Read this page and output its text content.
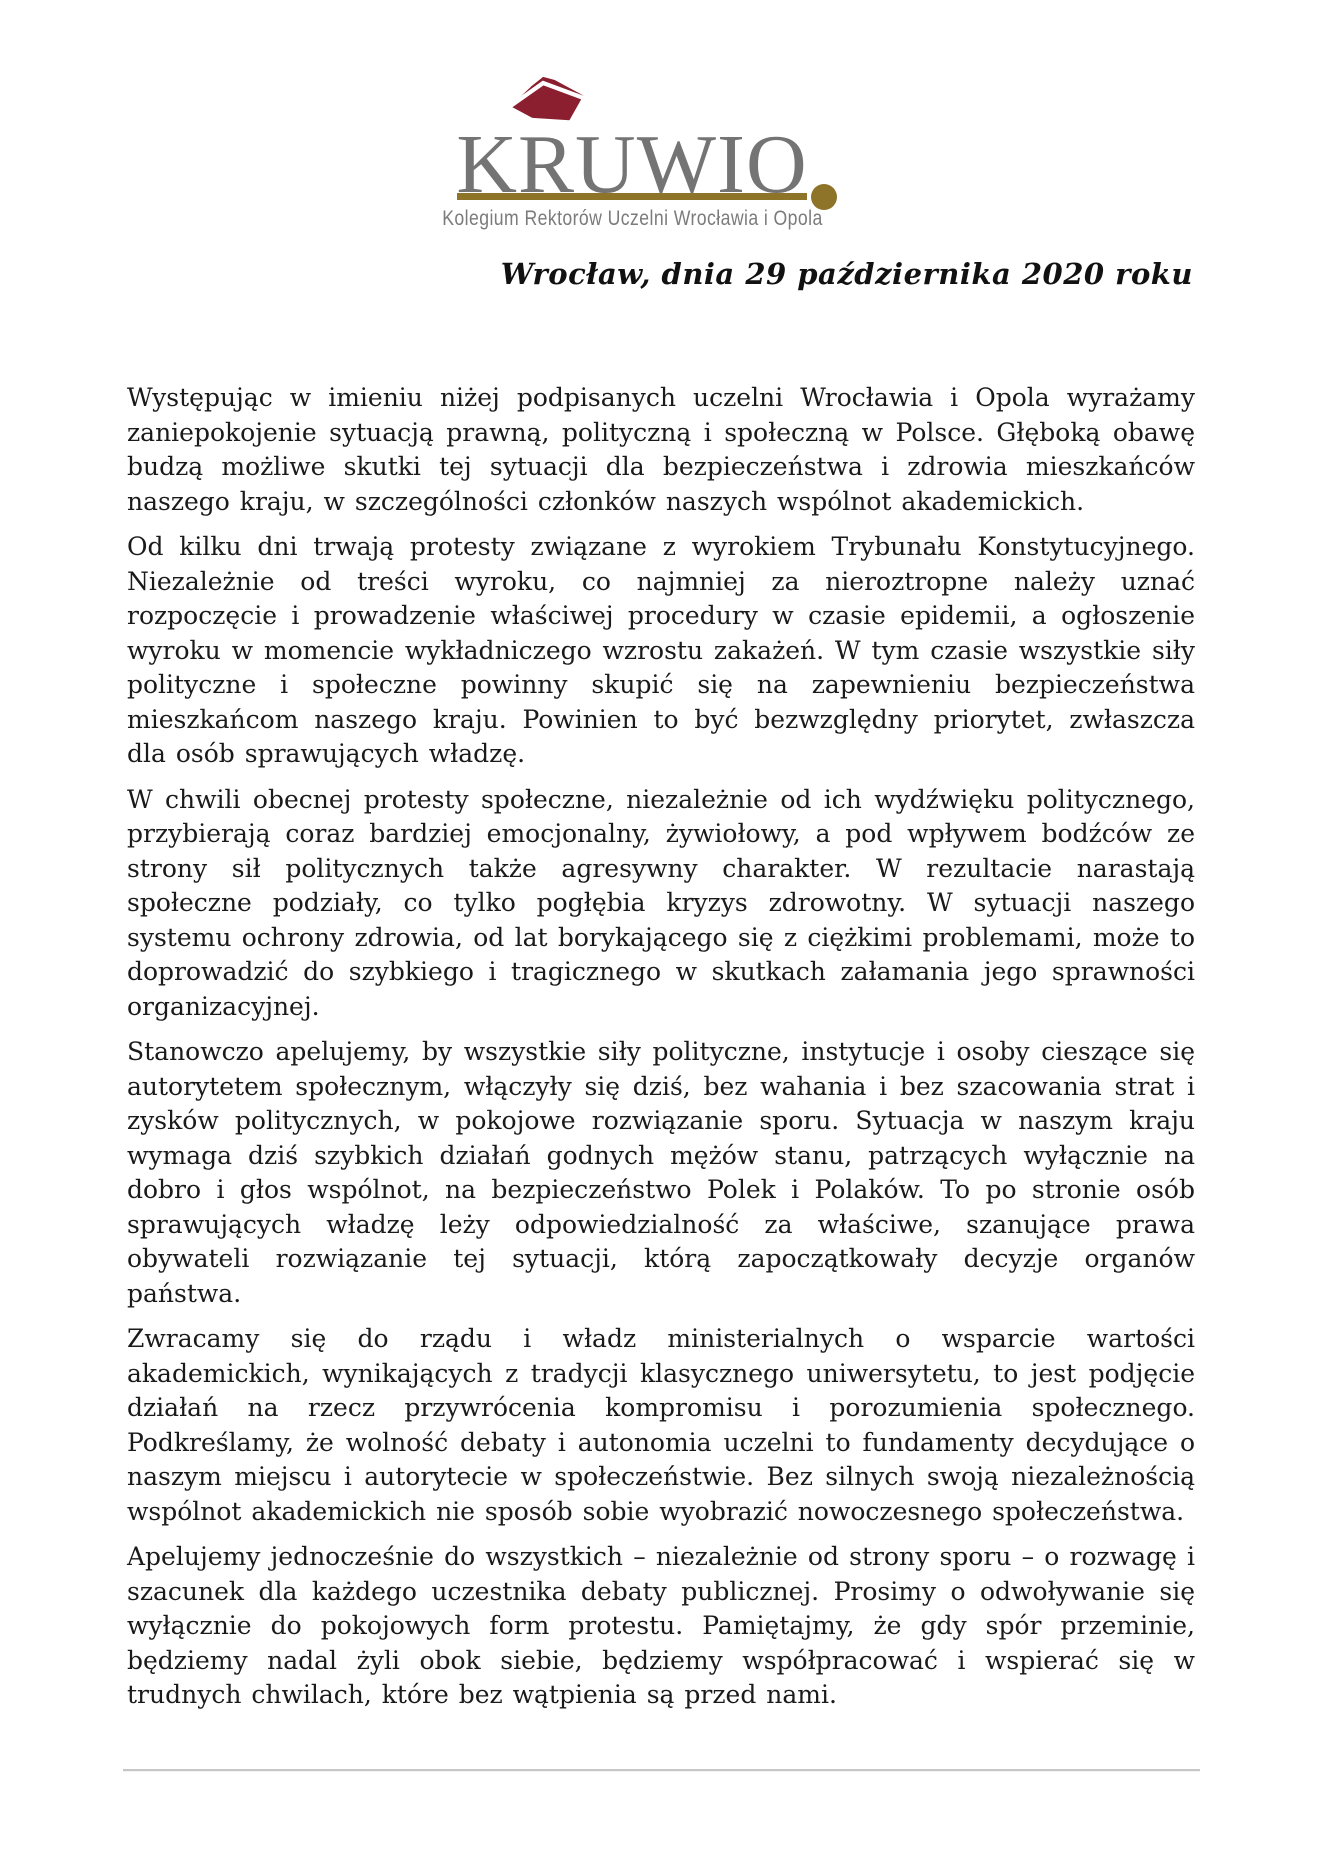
KRUWIO
Kolegium Rektorów Uczelni Wrocławia i Opola

Wrocław, dnia 29 października 2020 roku

Występując w imieniu niżej podpisanych uczelni Wrocławia i Opola wyrażamy zaniepokojenie sytuacją prawną, polityczną i społeczną w Polsce. Głęboką obawę budzą możliwe skutki tej sytuacji dla bezpieczeństwa i zdrowia mieszkańców naszego kraju, w szczególności członków naszych wspólnot akademickich.

Od kilku dni trwają protesty związane z wyrokiem Trybunału Konstytucyjnego. Niezależnie od treści wyroku, co najmniej za nieroztropne należy uznać rozpoczęcie i prowadzenie właściwej procedury w czasie epidemii, a ogłoszenie wyroku w momencie wykładniczego wzrostu zakażeń. W tym czasie wszystkie siły polityczne i społeczne powinny skupić się na zapewnieniu bezpieczeństwa mieszkańcom naszego kraju. Powinien to być bezwzględny priorytet, zwłaszcza dla osób sprawujących władzę.

W chwili obecnej protesty społeczne, niezależnie od ich wydźwięku politycznego, przybierają coraz bardziej emocjonalny, żywiołowy, a pod wpływem bodźców ze strony sił politycznych także agresywny charakter. W rezultacie narastają społeczne podziały, co tylko pogłębia kryzys zdrowotny. W sytuacji naszego systemu ochrony zdrowia, od lat borykającego się z ciężkimi problemami, może to doprowadzić do szybkiego i tragicznego w skutkach załamania jego sprawności organizacyjnej.

Stanowczo apelujemy, by wszystkie siły polityczne, instytucje i osoby cieszące się autorytetem społecznym, włączyły się dziś, bez wahania i bez szacowania strat i zysków politycznych, w pokojowe rozwiązanie sporu. Sytuacja w naszym kraju wymaga dziś szybkich działań godnych mężów stanu, patrzących wyłącznie na dobro i głos wspólnot, na bezpieczeństwo Polek i Polaków. To po stronie osób sprawujących władzę leży odpowiedzialność za właściwe, szanujące prawa obywateli rozwiązanie tej sytuacji, którą zapoczątkowały decyzje organów państwa.

Zwracamy się do rządu i władz ministerialnych o wsparcie wartości akademickich, wynikających z tradycji klasycznego uniwersytetu, to jest podjęcie działań na rzecz przywrócenia kompromisu i porozumienia społecznego. Podkreślamy, że wolność debaty i autonomia uczelni to fundamenty decydujące o naszym miejscu i autorytecie w społeczeństwie. Bez silnych swoją niezależnością wspólnot akademickich nie sposób sobie wyobrazić nowoczesnego społeczeństwa.

Apelujemy jednocześnie do wszystkich – niezależnie od strony sporu – o rozwagę i szacunek dla każdego uczestnika debaty publicznej. Prosimy o odwoływanie się wyłącznie do pokojowych form protestu. Pamiętajmy, że gdy spór przeminie, będziemy nadal żyli obok siebie, będziemy współpracować i wspierać się w trudnych chwilach, które bez wątpienia są przed nami.
